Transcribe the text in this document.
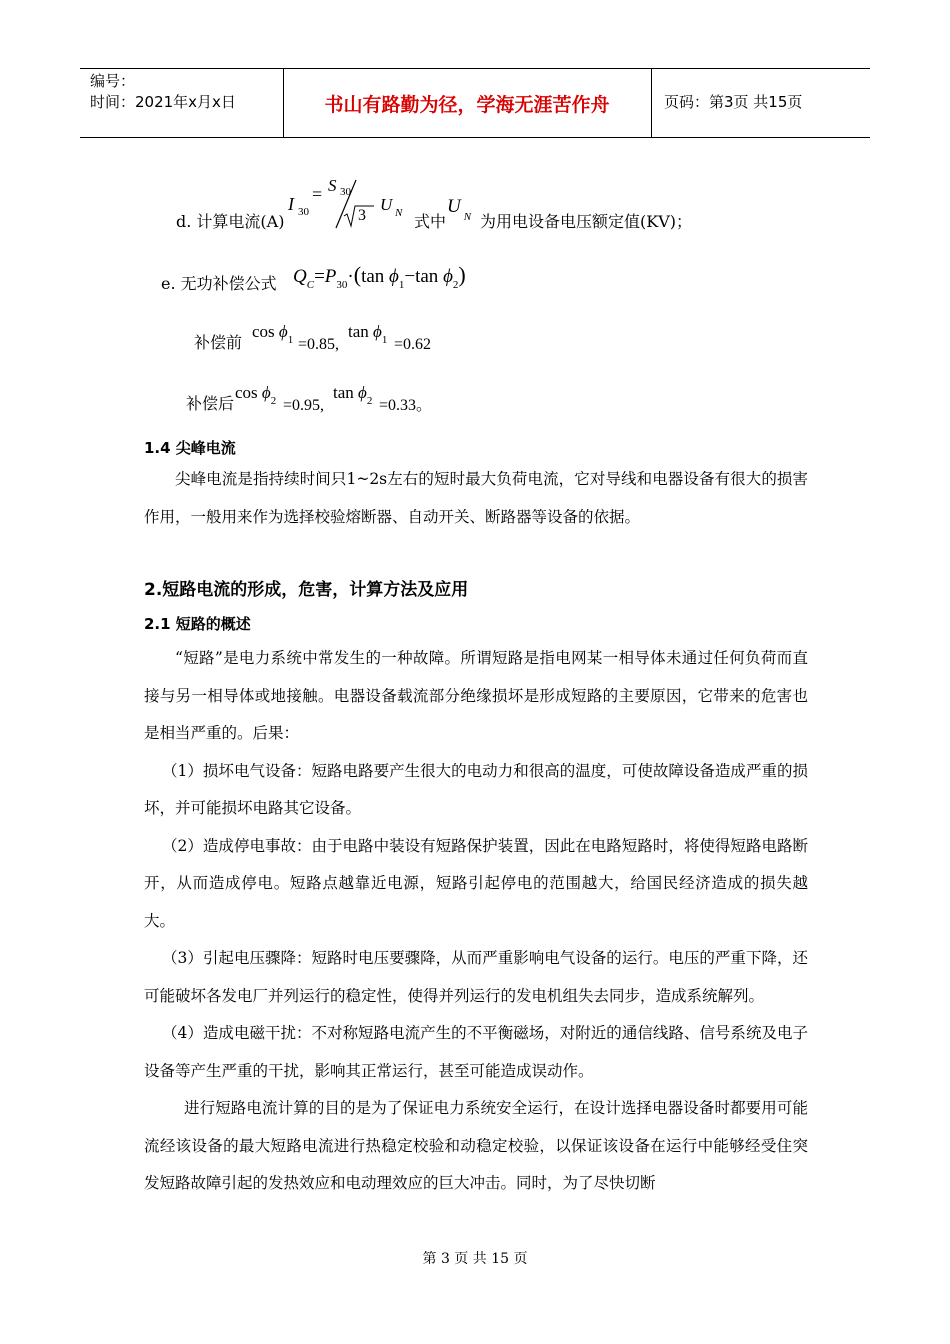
编号：
时间：2021年x月x日	书山有路勤为径，学海无涯苦作舟	页码：第3页 共15页
d. 计算电流(A)
I 30
= S 30
3
U N 式中
U $_N$ 为用电设备电压额定值(KV)；
e. 无功补偿公式 $Q_C=P_{30}\cdot(\tan$ $\phi_1-\tan$ $\phi_2$)
补偿前
$\cos \phi_1 =0.85$,
$\tan \phi_1 =0.62$
补偿后
$\cos \phi_2 =0.95$,
$\tan \phi_2 =0.33$。
1.4 尖峰电流

尖峰电流是指持续时间只1~2s左右的短时最大负荷电流，它对导线和电器设备有很大的损害作用，一般用来作为选择校验熔断器、自动开关、断路器等设备的依据。

2.短路电流的形成，危害，计算方法及应用
2.1 短路的概述

“短路”是电力系统中常发生的一种故障。所谓短路是指电网某一相导体未通过任何负荷而直接与另一相导体或地接触。电器设备载流部分绝缘损坏是形成短路的主要原因，它带来的危害也是相当严重的。后果：

（1）损坏电气设备：短路电路要产生很大的电动力和很高的温度，可使故障设备造成严重的损坏，并可能损坏电路其它设备。

（2）造成停电事故：由于电路中装设有短路保护装置，因此在电路短路时，将使得短路电路断开，从而造成停电。短路点越靠近电源，短路引起停电的范围越大，给国民经济造成的损失越大。

（3）引起电压骤降：短路时电压要骤降，从而严重影响电气设备的运行。电压的严重下降，还可能破坏各发电厂并列运行的稳定性，使得并列运行的发电机组失去同步，造成系统解列。

（4）造成电磁干扰：不对称短路电流产生的不平衡磁场，对附近的通信线路、信号系统及电子设备等产生严重的干扰，影响其正常运行，甚至可能造成误动作。

进行短路电流计算的目的是为了保证电力系统安全运行，在设计选择电器设备时都要用可能流经该设备的最大短路电流进行热稳定校验和动稳定校验，以保证该设备在运行中能够经受住突发短路故障引起的发热效应和电动理效应的巨大冲击。同时，为了尽快切断

第 3 页 共 15 页
